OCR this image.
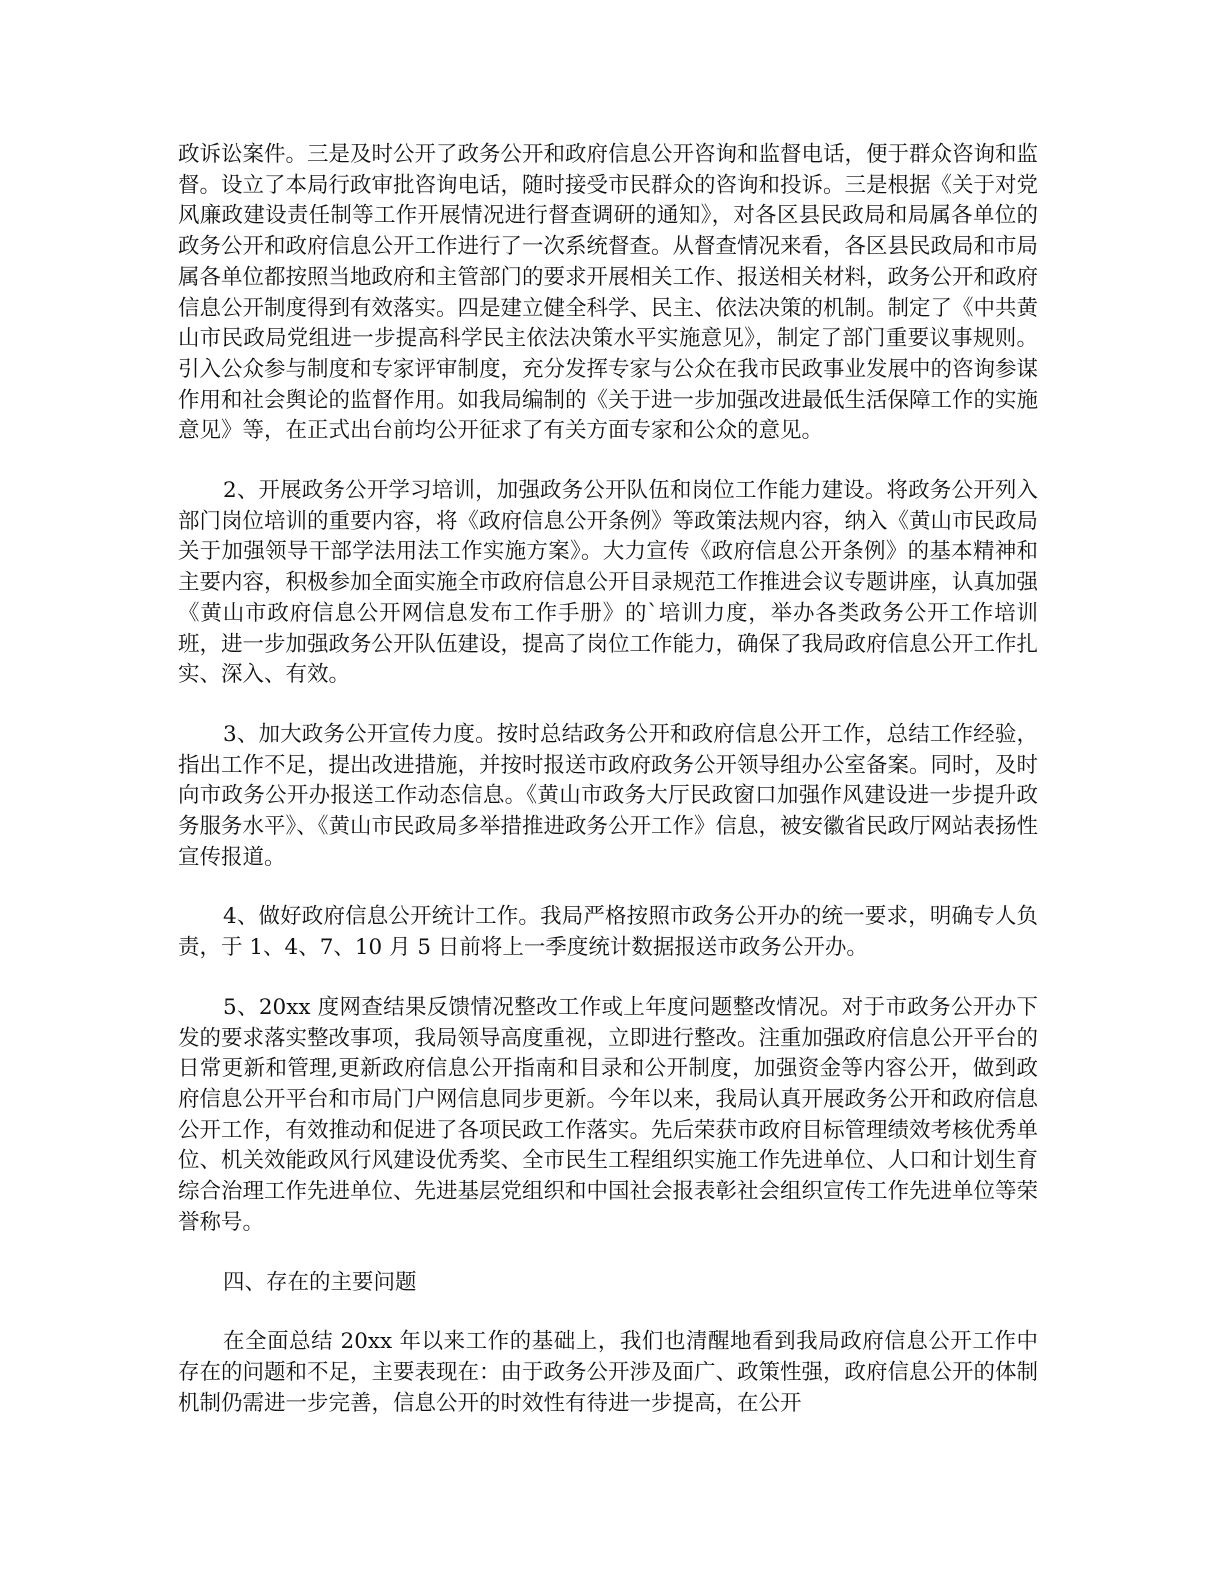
政诉讼案件。三是及时公开了政务公开和政府信息公开咨询和监督电话，便于群众咨询和监督。设立了本局行政审批咨询电话，随时接受市民群众的咨询和投诉。三是根据《关于对党风廉政建设责任制等工作开展情况进行督查调研的通知》，对各区县民政局和局属各单位的政务公开和政府信息公开工作进行了一次系统督查。从督查情况来看，各区县民政局和市局属各单位都按照当地政府和主管部门的要求开展相关工作、报送相关材料，政务公开和政府信息公开制度得到有效落实。四是建立健全科学、民主、依法决策的机制。制定了《中共黄山市民政局党组进一步提高科学民主依法决策水平实施意见》，制定了部门重要议事规则。引入公众参与制度和专家评审制度，充分发挥专家与公众在我市民政事业发展中的咨询参谋作用和社会舆论的监督作用。如我局编制的《关于进一步加强改进最低生活保障工作的实施意见》等，在正式出台前均公开征求了有关方面专家和公众的意见。

2、开展政务公开学习培训，加强政务公开队伍和岗位工作能力建设。将政务公开列入部门岗位培训的重要内容，将《政府信息公开条例》等政策法规内容，纳入《黄山市民政局关于加强领导干部学法用法工作实施方案》。大力宣传《政府信息公开条例》的基本精神和主要内容，积极参加全面实施全市政府信息公开目录规范工作推进会议专题讲座，认真加强《黄山市政府信息公开网信息发布工作手册》的`培训力度，举办各类政务公开工作培训班，进一步加强政务公开队伍建设，提高了岗位工作能力，确保了我局政府信息公开工作扎实、深入、有效。

3、加大政务公开宣传力度。按时总结政务公开和政府信息公开工作，总结工作经验，指出工作不足，提出改进措施，并按时报送市政府政务公开领导组办公室备案。同时，及时向市政务公开办报送工作动态信息。《黄山市政务大厅民政窗口加强作风建设进一步提升政务服务水平》、《黄山市民政局多举措推进政务公开工作》信息，被安徽省民政厅网站表扬性宣传报道。

4、做好政府信息公开统计工作。我局严格按照市政务公开办的统一要求，明确专人负责，于 1、4、7、10 月 5 日前将上一季度统计数据报送市政务公开办。

5、20xx 度网查结果反馈情况整改工作或上年度问题整改情况。对于市政务公开办下发的要求落实整改事项，我局领导高度重视，立即进行整改。注重加强政府信息公开平台的日常更新和管理,更新政府信息公开指南和目录和公开制度，加强资金等内容公开，做到政府信息公开平台和市局门户网信息同步更新。今年以来，我局认真开展政务公开和政府信息公开工作，有效推动和促进了各项民政工作落实。先后荣获市政府目标管理绩效考核优秀单位、机关效能政风行风建设优秀奖、全市民生工程组织实施工作先进单位、人口和计划生育综合治理工作先进单位、先进基层党组织和中国社会报表彰社会组织宣传工作先进单位等荣誉称号。

四、存在的主要问题

在全面总结 20xx 年以来工作的基础上，我们也清醒地看到我局政府信息公开工作中存在的问题和不足，主要表现在：由于政务公开涉及面广、政策性强，政府信息公开的体制机制仍需进一步完善，信息公开的时效性有待进一步提高，在公开
